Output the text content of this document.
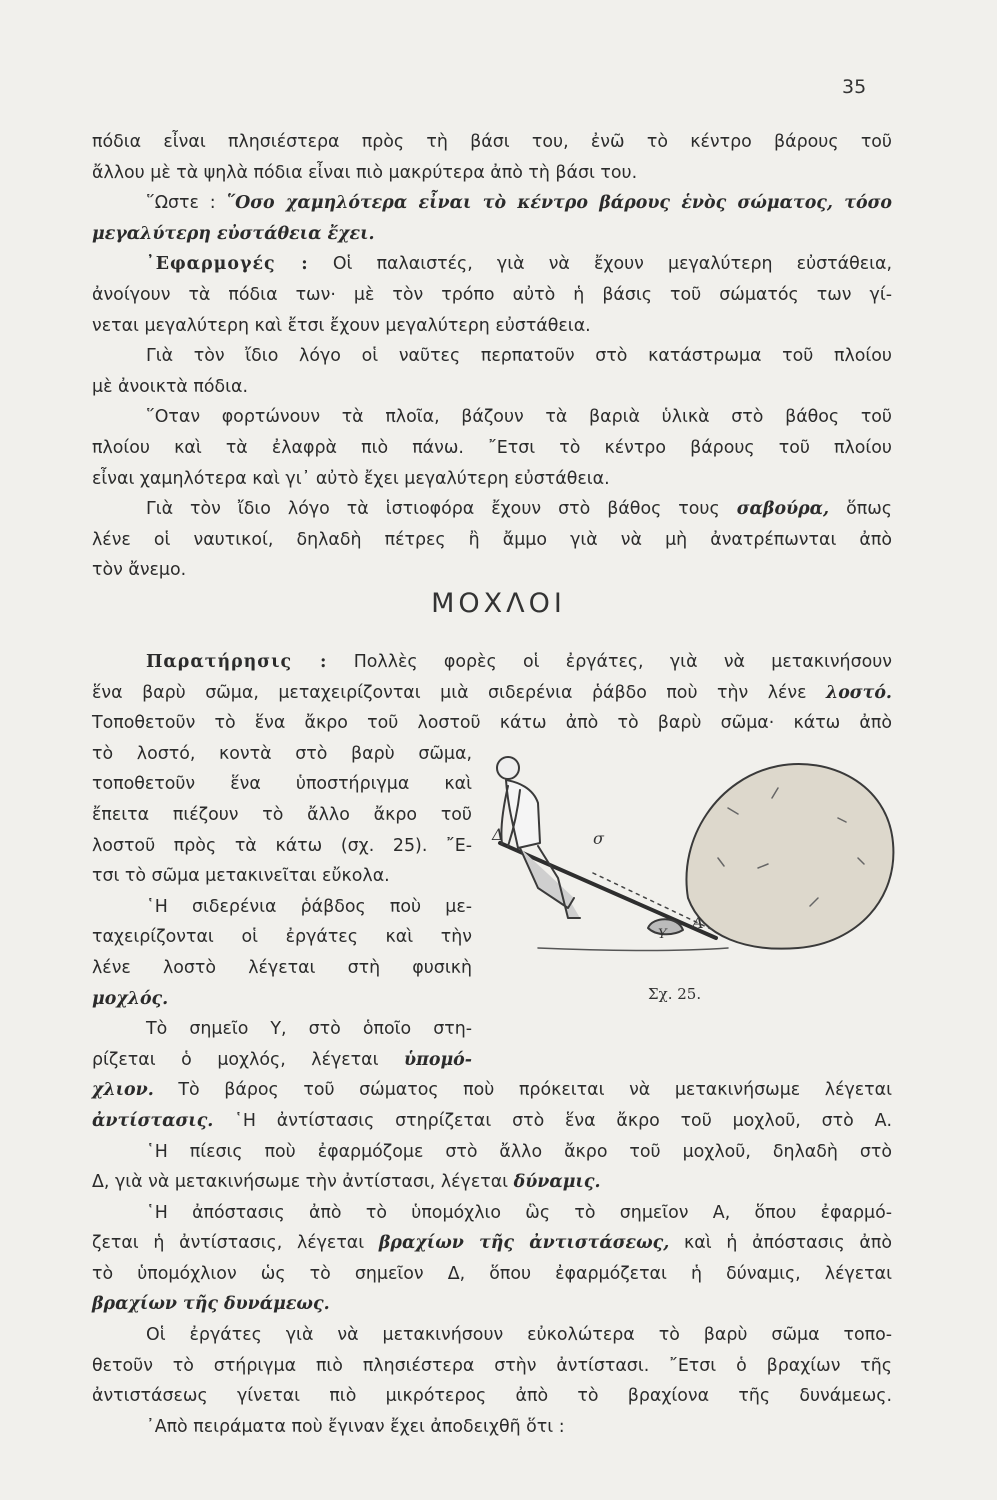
35
πόδια εἶναι πλησιέστερα πρὸς τὴ βάσι του, ἐνῶ τὸ κέντρο βάρους τοῦ
ἄλλου μὲ τὰ ψηλὰ πόδια εἶναι πιὸ μακρύτερα ἀπὸ τὴ βάσι του.
῞Ωστε : ῞Οσο χαμηλότερα εἶναι τὸ κέντρο βάρους ἑνὸς σώματος, τόσο
μεγαλύτερη εὐστάθεια ἔχει.
᾿Εφαρμογές : Οἱ παλαιστές, γιὰ νὰ ἔχουν μεγαλύτερη εὐστάθεια,
ἀνοίγουν τὰ πόδια των· μὲ τὸν τρόπο αὐτὸ ἡ βάσις τοῦ σώματός των γί-
νεται μεγαλύτερη καὶ ἔτσι ἔχουν μεγαλύτερη εὐστάθεια.
Γιὰ τὸν ἴδιο λόγο οἱ ναῦτες περπατοῦν στὸ κατάστρωμα τοῦ πλοίου
μὲ ἀνοικτὰ πόδια.
῞Οταν φορτώνουν τὰ πλοῖα, βάζουν τὰ βαριὰ ὑλικὰ στὸ βάθος τοῦ
πλοίου καὶ τὰ ἐλαφρὰ πιὸ πάνω. ῎Ετσι τὸ κέντρο βάρους τοῦ πλοίου
εἶναι χαμηλότερα καὶ γι᾿ αὐτὸ ἔχει μεγαλύτερη εὐστάθεια.
Γιὰ τὸν ἴδιο λόγο τὰ ἱστιοφόρα ἔχουν στὸ βάθος τους σαβούρα, ὅπως
λένε οἱ ναυτικοί, δηλαδὴ πέτρες ἢ ἄμμο γιὰ νὰ μὴ ἀνατρέπωνται ἀπὸ
τὸν ἄνεμο.
ΜΟΧΛΟΙ
Παρατήρησις : Πολλὲς φορὲς οἱ ἐργάτες, γιὰ νὰ μετακινήσουν
ἕνα βαρὺ σῶμα, μεταχειρίζονται μιὰ σιδερένια ῥάβδο ποὺ τὴν λένε λοστό.
Τοποθετοῦν τὸ ἕνα ἄκρο τοῦ λοστοῦ κάτω ἀπὸ τὸ βαρὺ σῶμα· κάτω ἀπὸ
τὸ λοστό, κοντὰ στὸ βαρὺ σῶμα,
τοποθετοῦν ἕνα ὑποστήριγμα καὶ
ἔπειτα πιέζουν τὸ ἄλλο ἄκρο τοῦ
λοστοῦ πρὸς τὰ κάτω (σχ. 25). ῎Ε-
τσι τὸ σῶμα μετακινεῖται εὔκολα.
῾Η σιδερένια ῥάβδος ποὺ με-
ταχειρίζονται οἱ ἐργάτες καὶ τὴν
λένε λοστὸ λέγεται στὴ φυσικὴ
μοχλός.
Τὸ σημεῖο Υ, στὸ ὁποῖο στη-
ρίζεται ὁ μοχλός, λέγεται ὑπομό-
χλιον. Τὸ βάρος τοῦ σώματος ποὺ πρόκειται νὰ μετακινήσωμε λέγεται
ἀντίστασις. ῾Η ἀντίστασις στηρίζεται στὸ ἕνα ἄκρο τοῦ μοχλοῦ, στὸ Α.
῾Η πίεσις ποὺ ἐφαρμόζομε στὸ ἄλλο ἄκρο τοῦ μοχλοῦ, δηλαδὴ στὸ
Δ, γιὰ νὰ μετακινήσωμε τὴν ἀντίστασι, λέγεται δύναμις.
῾Η ἀπόστασις ἀπὸ τὸ ὑπομόχλιο ὣς τὸ σημεῖον Α, ὅπου ἐφαρμό-
ζεται ἡ ἀντίστασις, λέγεται βραχίων τῆς ἀντιστάσεως, καὶ ἡ ἀπόστασις ἀπὸ
τὸ ὑπομόχλιον ὡς τὸ σημεῖον Δ, ὅπου ἐφαρμόζεται ἡ δύναμις, λέγεται
βραχίων τῆς δυνάμεως.
Οἱ ἐργάτες γιὰ νὰ μετακινήσουν εὐκολώτερα τὸ βαρὺ σῶμα τοπο-
θετοῦν τὸ στήριγμα πιὸ πλησιέστερα στὴν ἀντίστασι. ῎Ετσι ὁ βραχίων τῆς
ἀντιστάσεως γίνεται πιὸ μικρότερος ἀπὸ τὸ βραχίονα τῆς δυνάμεως.
᾿Απὸ πειράματα ποὺ ἔγιναν ἔχει ἀποδειχθῆ ὅτι :
Δ	σ
A
Y
Σχ. 25.
